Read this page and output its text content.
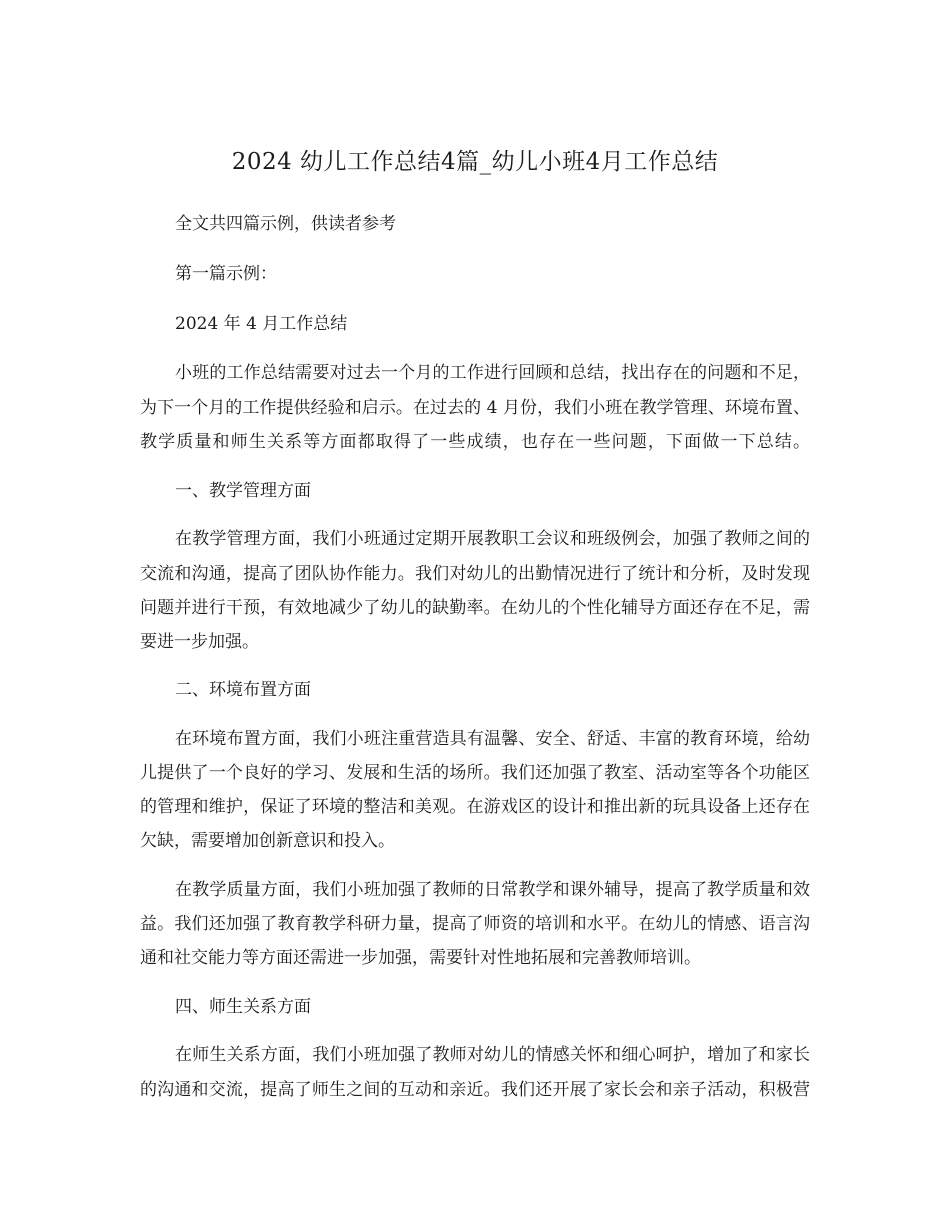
2024 幼儿工作总结4篇_幼儿小班4月工作总结
全文共四篇示例，供读者参考
第一篇示例：
2024 年 4 月工作总结
小班的工作总结需要对过去一个月的工作进行回顾和总结，找出存在的问题和不足，
为下一个月的工作提供经验和启示。在过去的 4 月份，我们小班在教学管理、环境布置、
教学质量和师生关系等方面都取得了一些成绩，也存在一些问题，下面做一下总结。
一、教学管理方面
在教学管理方面，我们小班通过定期开展教职工会议和班级例会，加强了教师之间的
交流和沟通，提高了团队协作能力。我们对幼儿的出勤情况进行了统计和分析，及时发现
问题并进行干预，有效地减少了幼儿的缺勤率。在幼儿的个性化辅导方面还存在不足，需
要进一步加强。
二、环境布置方面
在环境布置方面，我们小班注重营造具有温馨、安全、舒适、丰富的教育环境，给幼
儿提供了一个良好的学习、发展和生活的场所。我们还加强了教室、活动室等各个功能区
的管理和维护，保证了环境的整洁和美观。在游戏区的设计和推出新的玩具设备上还存在
欠缺，需要增加创新意识和投入。
在教学质量方面，我们小班加强了教师的日常教学和课外辅导，提高了教学质量和效
益。我们还加强了教育教学科研力量，提高了师资的培训和水平。在幼儿的情感、语言沟
通和社交能力等方面还需进一步加强，需要针对性地拓展和完善教师培训。
四、师生关系方面
在师生关系方面，我们小班加强了教师对幼儿的情感关怀和细心呵护，增加了和家长
的沟通和交流，提高了师生之间的互动和亲近。我们还开展了家长会和亲子活动，积极营
